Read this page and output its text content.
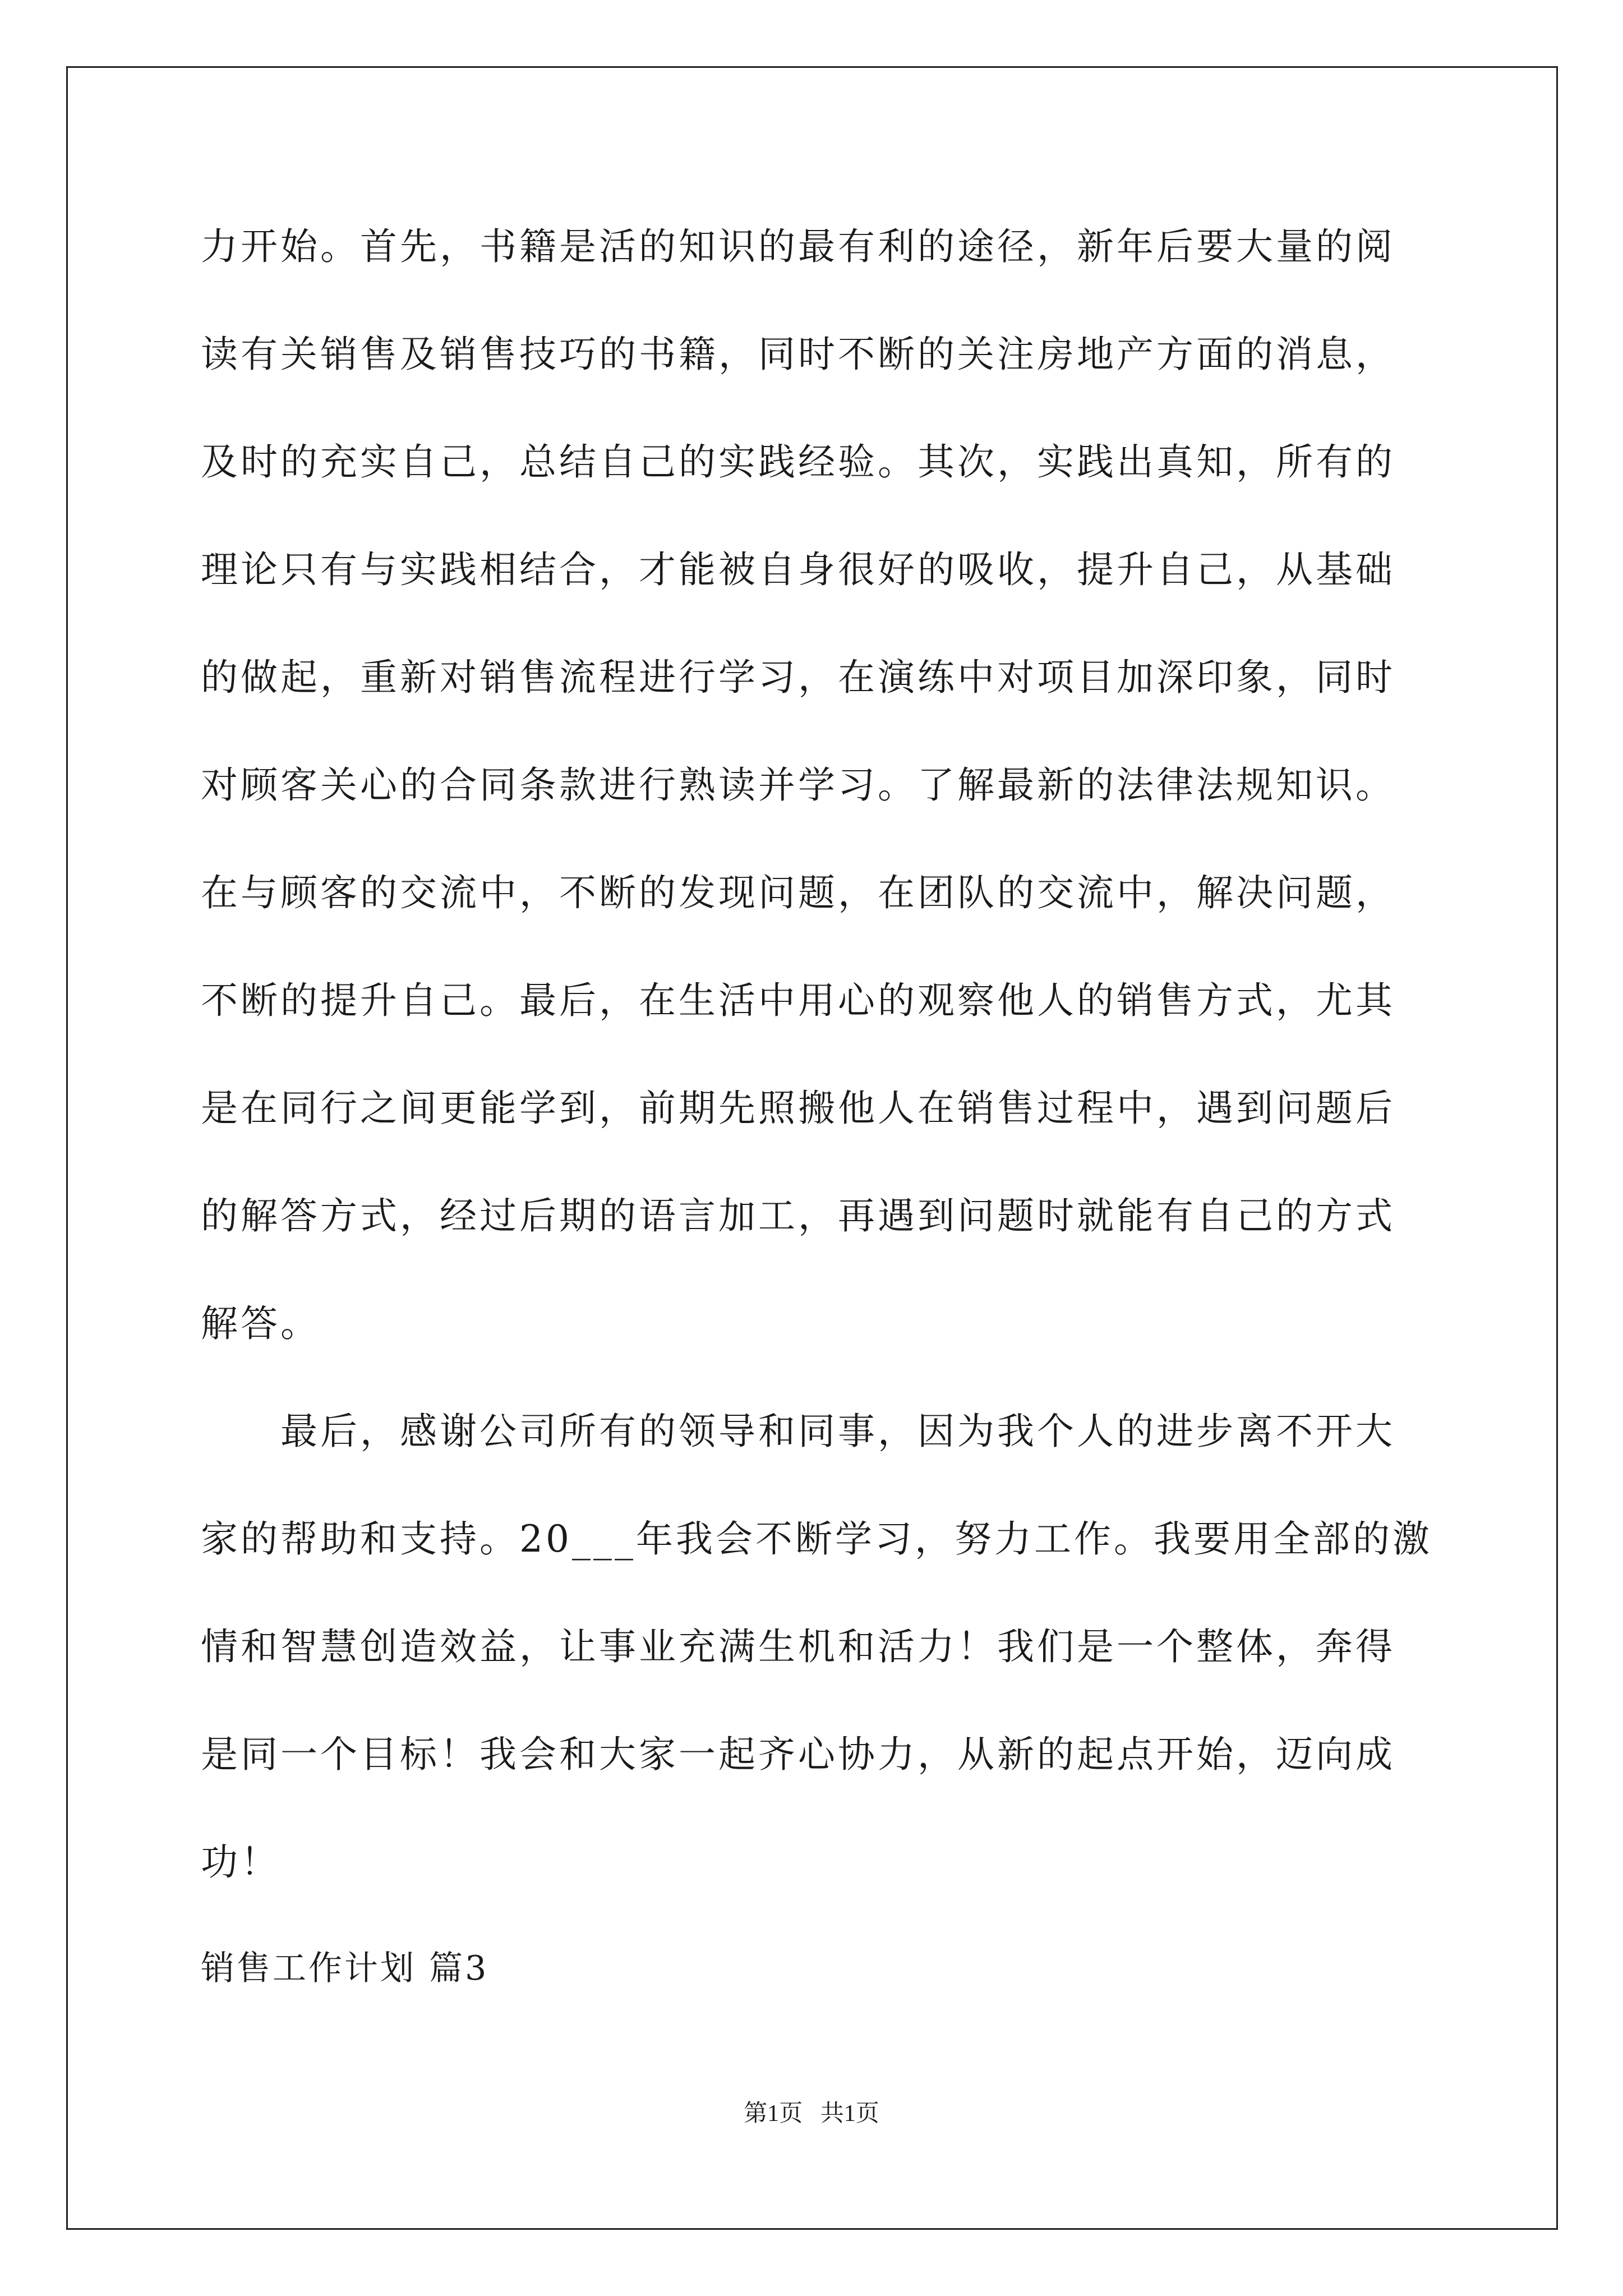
力开始。首先，书籍是活的知识的最有利的途径，新年后要大量的阅
读有关销售及销售技巧的书籍，同时不断的关注房地产方面的消息，
及时的充实自己，总结自己的实践经验。其次，实践出真知，所有的
理论只有与实践相结合，才能被自身很好的吸收，提升自己，从基础
的做起，重新对销售流程进行学习，在演练中对项目加深印象，同时
对顾客关心的合同条款进行熟读并学习。了解最新的法律法规知识。
在与顾客的交流中，不断的发现问题，在团队的交流中，解决问题，
不断的提升自己。最后，在生活中用心的观察他人的销售方式，尤其
是在同行之间更能学到，前期先照搬他人在销售过程中，遇到问题后
的解答方式，经过后期的语言加工，再遇到问题时就能有自己的方式
解答。
最后，感谢公司所有的领导和同事，因为我个人的进步离不开大
家的帮助和支持。20___年我会不断学习，努力工作。我要用全部的激
情和智慧创造效益，让事业充满生机和活力！我们是一个整体，奔得
是同一个目标！我会和大家一起齐心协力，从新的起点开始，迈向成
功！
销售工作计划 篇3
第1页   共1页
